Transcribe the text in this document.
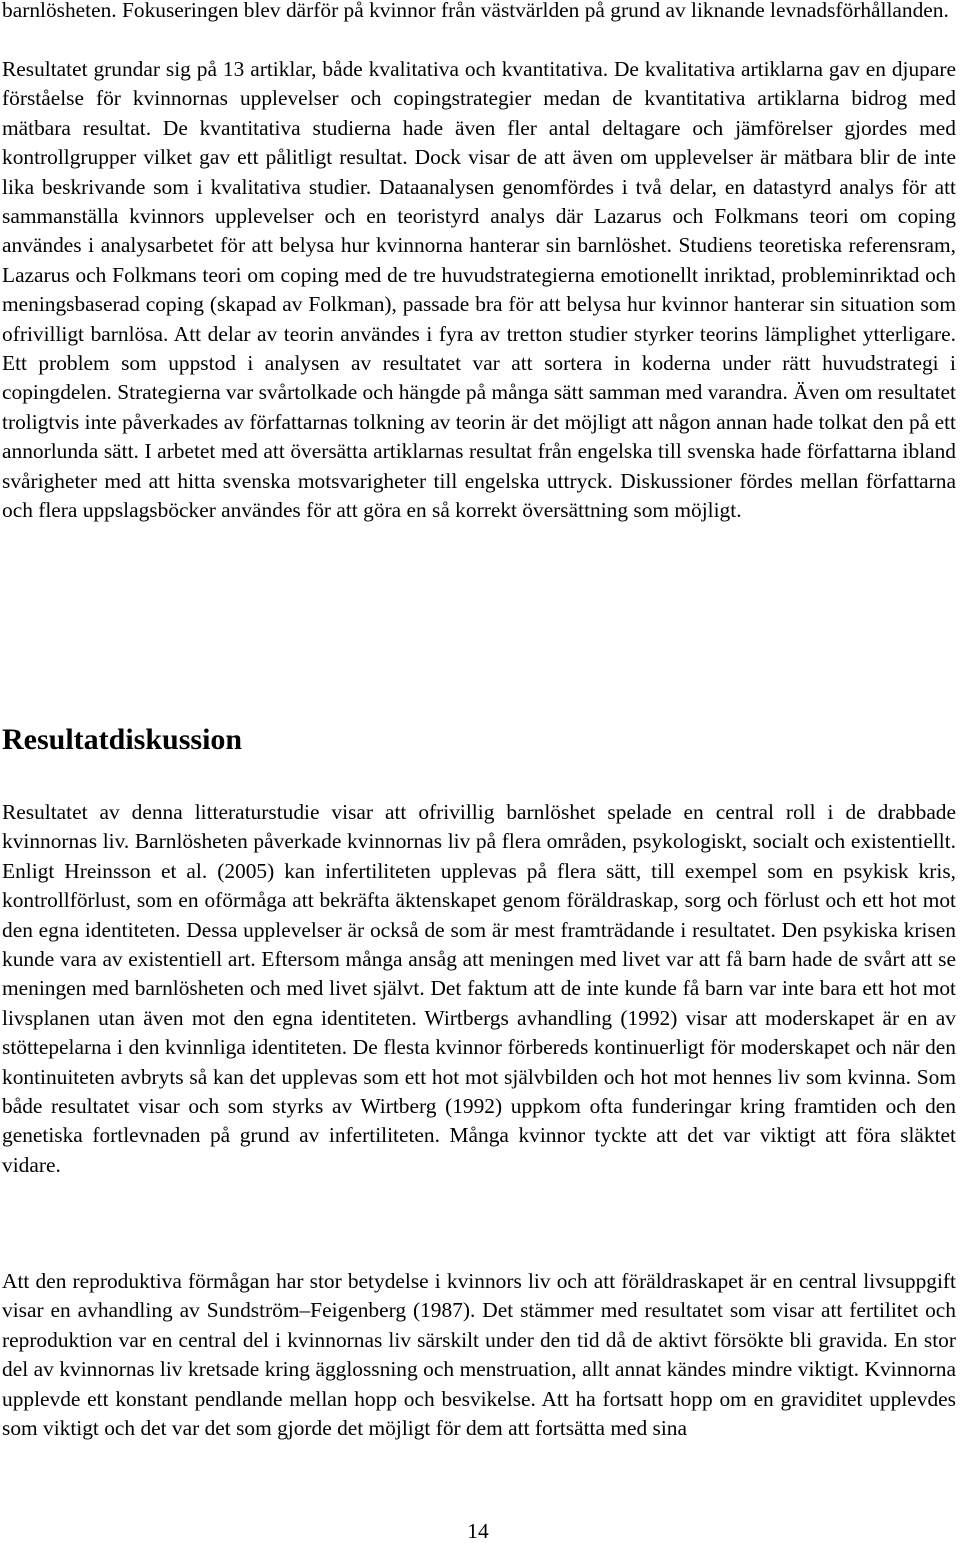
barnlösheten. Fokuseringen blev därför på kvinnor från västvärlden på grund av liknande levnadsförhållanden.

Resultatet grundar sig på 13 artiklar, både kvalitativa och kvantitativa. De kvalitativa artiklarna gav en djupare förståelse för kvinnornas upplevelser och copingstrategier medan de kvantitativa artiklarna bidrog med mätbara resultat. De kvantitativa studierna hade även fler antal deltagare och jämförelser gjordes med kontrollgrupper vilket gav ett pålitligt resultat. Dock visar de att även om upplevelser är mätbara blir de inte lika beskrivande som i kvalitativa studier. Dataanalysen genomfördes i två delar, en datastyrd analys för att sammanställa kvinnors upplevelser och en teoristyrd analys där Lazarus och Folkmans teori om coping användes i analysarbetet för att belysa hur kvinnorna hanterar sin barnlöshet. Studiens teoretiska referensram, Lazarus och Folkmans teori om coping med de tre huvudstrategierna emotionellt inriktad, probleminriktad och meningsbaserad coping (skapad av Folkman), passade bra för att belysa hur kvinnor hanterar sin situation som ofrivilligt barnlösa. Att delar av teorin användes i fyra av tretton studier styrker teorins lämplighet ytterligare. Ett problem som uppstod i analysen av resultatet var att sortera in koderna under rätt huvudstrategi i copingdelen. Strategierna var svårtolkade och hängde på många sätt samman med varandra. Även om resultatet troligtvis inte påverkades av författarnas tolkning av teorin är det möjligt att någon annan hade tolkat den på ett annorlunda sätt. I arbetet med att översätta artiklarnas resultat från engelska till svenska hade författarna ibland svårigheter med att hitta svenska motsvarigheter till engelska uttryck. Diskussioner fördes mellan författarna och flera uppslagsböcker användes för att göra en så korrekt översättning som möjligt.

Resultatdiskussion

Resultatet av denna litteraturstudie visar att ofrivillig barnlöshet spelade en central roll i de drabbade kvinnornas liv. Barnlösheten påverkade kvinnornas liv på flera områden, psykologiskt, socialt och existentiellt. Enligt Hreinsson et al. (2005) kan infertiliteten upplevas på flera sätt, till exempel som en psykisk kris, kontrollförlust, som en oförmåga att bekräfta äktenskapet genom föräldraskap, sorg och förlust och ett hot mot den egna identiteten. Dessa upplevelser är också de som är mest framträdande i resultatet. Den psykiska krisen kunde vara av existentiell art. Eftersom många ansåg att meningen med livet var att få barn hade de svårt att se meningen med barnlösheten och med livet självt. Det faktum att de inte kunde få barn var inte bara ett hot mot livsplanen utan även mot den egna identiteten. Wirtbergs avhandling (1992) visar att moderskapet är en av stöttepelarna i den kvinnliga identiteten. De flesta kvinnor förbereds kontinuerligt för moderskapet och när den kontinuiteten avbryts så kan det upplevas som ett hot mot självbilden och hot mot hennes liv som kvinna. Som både resultatet visar och som styrks av Wirtberg (1992) uppkom ofta funderingar kring framtiden och den genetiska fortlevnaden på grund av infertiliteten. Många kvinnor tyckte att det var viktigt att föra släktet vidare.

Att den reproduktiva förmågan har stor betydelse i kvinnors liv och att föräldraskapet är en central livsuppgift visar en avhandling av Sundström–Feigenberg (1987). Det stämmer med resultatet som visar att fertilitet och reproduktion var en central del i kvinnornas liv särskilt under den tid då de aktivt försökte bli gravida. En stor del av kvinnornas liv kretsade kring ägglossning och menstruation, allt annat kändes mindre viktigt. Kvinnorna upplevde ett konstant pendlande mellan hopp och besvikelse. Att ha fortsatt hopp om en graviditet upplevdes som viktigt och det var det som gjorde det möjligt för dem att fortsätta med sina

14
